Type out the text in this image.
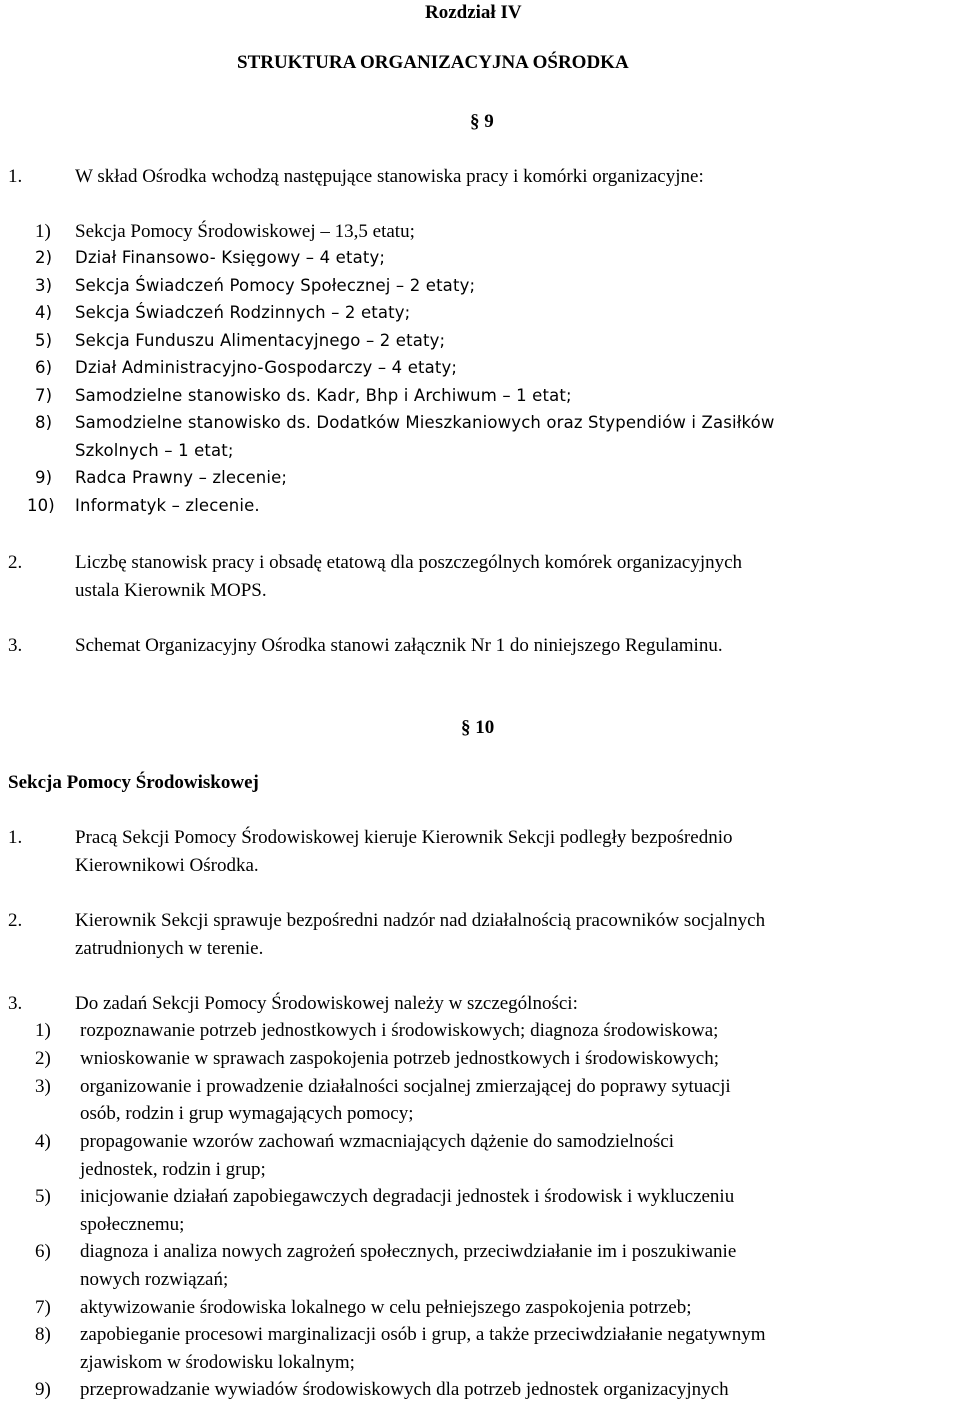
Rozdział IV
STRUKTURA ORGANIZACYJNA OŚRODKA
§ 9
1.	W skład Ośrodka wchodzą następujące stanowiska pracy i komórki organizacyjne:
1) Sekcja Pomocy Środowiskowej – 13,5 etatu;
2) Dział Finansowo- Księgowy – 4 etaty;
3) Sekcja Świadczeń Pomocy Społecznej – 2 etaty;
4) Sekcja Świadczeń Rodzinnych – 2 etaty;
5) Sekcja Funduszu Alimentacyjnego – 2 etaty;
6) Dział Administracyjno-Gospodarczy – 4 etaty;
7) Samodzielne stanowisko ds. Kadr, Bhp i Archiwum – 1 etat;
8) Samodzielne stanowisko ds. Dodatków Mieszkaniowych oraz Stypendiów i Zasiłków
Szkolnych – 1 etat;
9) Radca Prawny – zlecenie;
10) Informatyk – zlecenie.
2.	Liczbę stanowisk pracy i obsadę etatową dla poszczególnych komórek organizacyjnych
ustala Kierownik MOPS.
3.	Schemat Organizacyjny Ośrodka stanowi załącznik Nr 1 do niniejszego Regulaminu.
§ 10
Sekcja Pomocy Środowiskowej
1.	Pracą Sekcji Pomocy Środowiskowej kieruje Kierownik Sekcji podległy bezpośrednio
Kierownikowi Ośrodka.
2.	Kierownik Sekcji sprawuje bezpośredni nadzór nad działalnością pracowników socjalnych
zatrudnionych w terenie.
3.	Do zadań Sekcji Pomocy Środowiskowej należy w szczególności:
1) rozpoznawanie potrzeb jednostkowych i środowiskowych; diagnoza środowiskowa;
2) wnioskowanie w sprawach zaspokojenia potrzeb jednostkowych i środowiskowych;
3) organizowanie i prowadzenie działalności socjalnej zmierzającej do poprawy sytuacji
osób, rodzin i grup wymagających pomocy;
4) propagowanie wzorów zachowań wzmacniających dążenie do samodzielności
jednostek, rodzin i grup;
5) inicjowanie działań zapobiegawczych degradacji jednostek i środowisk i wykluczeniu
społecznemu;
6) diagnoza i analiza nowych zagrożeń społecznych, przeciwdziałanie im i poszukiwanie
nowych rozwiązań;
7) aktywizowanie środowiska lokalnego w celu pełniejszego zaspokojenia potrzeb;
8) zapobieganie procesowi marginalizacji osób i grup, a także przeciwdziałanie negatywnym
zjawiskom w środowisku lokalnym;
9) przeprowadzanie wywiadów środowiskowych dla potrzeb jednostek organizacyjnych
